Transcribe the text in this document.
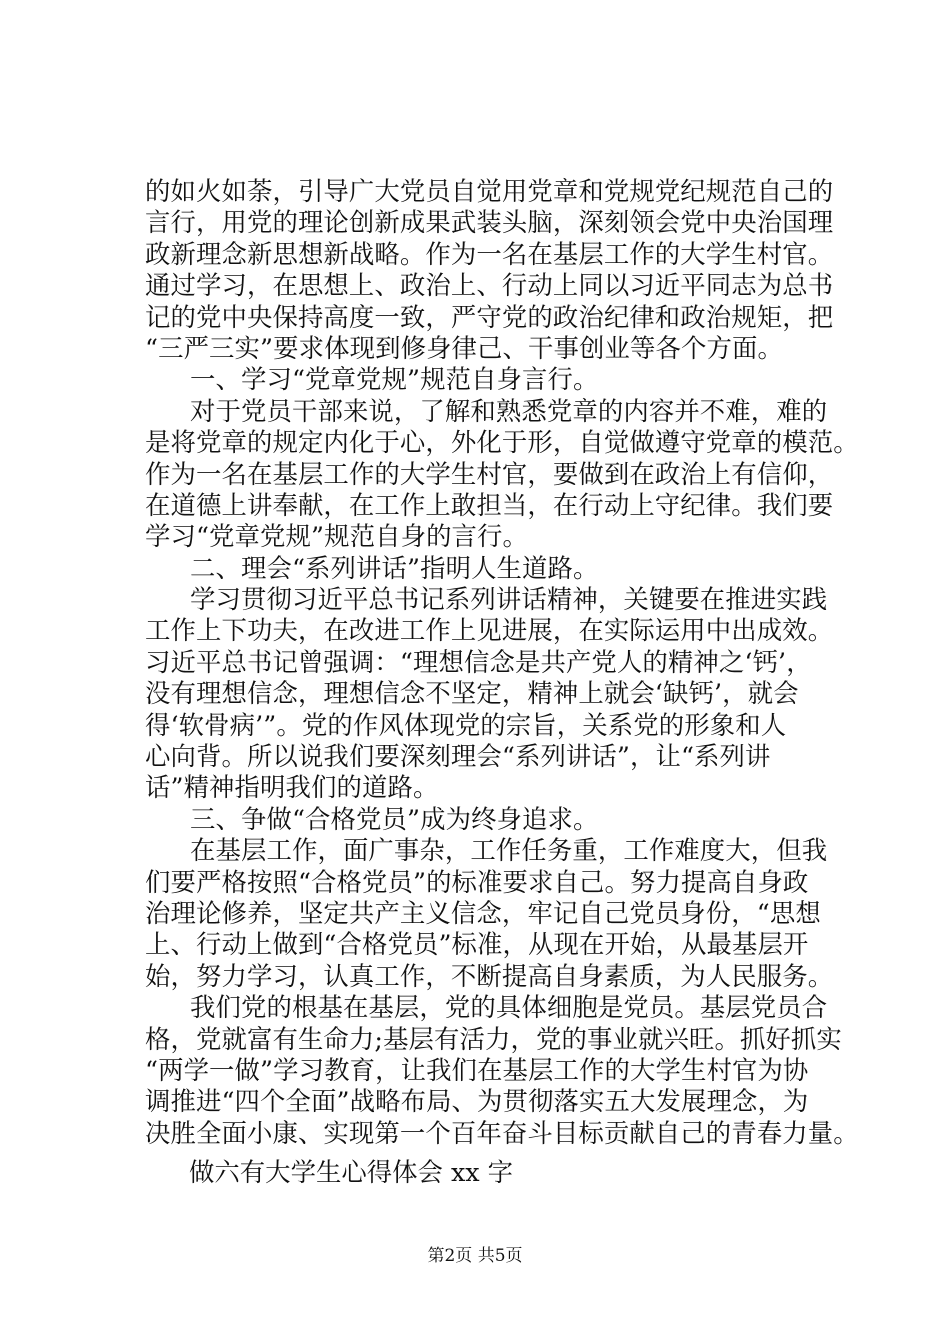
的如火如荼，引导广大党员自觉用党章和党规党纪规范自己的
言行，用党的理论创新成果武装头脑，深刻领会党中央治国理
政新理念新思想新战略。作为一名在基层工作的大学生村官。
通过学习，在思想上、政治上、行动上同以习近平同志为总书
记的党中央保持高度一致，严守党的政治纪律和政治规矩，把
“三严三实”要求体现到修身律己、干事创业等各个方面。
一、学习“党章党规”规范自身言行。
对于党员干部来说，了解和熟悉党章的内容并不难，难的
是将党章的规定内化于心，外化于形，自觉做遵守党章的模范。
作为一名在基层工作的大学生村官，要做到在政治上有信仰，
在道德上讲奉献，在工作上敢担当，在行动上守纪律。我们要
学习“党章党规”规范自身的言行。
二、理会“系列讲话”指明人生道路。
学习贯彻习近平总书记系列讲话精神，关键要在推进实践
工作上下功夫，在改进工作上见进展，在实际运用中出成效。
习近平总书记曾强调：“理想信念是共产党人的精神之‘钙’，
没有理想信念，理想信念不坚定，精神上就会‘缺钙’，就会
得‘软骨病’”。党的作风体现党的宗旨，关系党的形象和人
心向背。所以说我们要深刻理会“系列讲话”，让“系列讲
话”精神指明我们的道路。
三、争做“合格党员”成为终身追求。
在基层工作，面广事杂，工作任务重，工作难度大，但我
们要严格按照“合格党员”的标准要求自己。努力提高自身政
治理论修养，坚定共产主义信念，牢记自己党员身份，“思想
上、行动上做到“合格党员”标准，从现在开始，从最基层开
始，努力学习，认真工作，不断提高自身素质，为人民服务。
我们党的根基在基层，党的具体细胞是党员。基层党员合
格，党就富有生命力;基层有活力，党的事业就兴旺。抓好抓实
“两学一做”学习教育，让我们在基层工作的大学生村官为协
调推进“四个全面”战略布局、为贯彻落实五大发展理念，为
决胜全面小康、实现第一个百年奋斗目标贡献自己的青春力量。
做六有大学生心得体会 xx 字
第2页 共5页
